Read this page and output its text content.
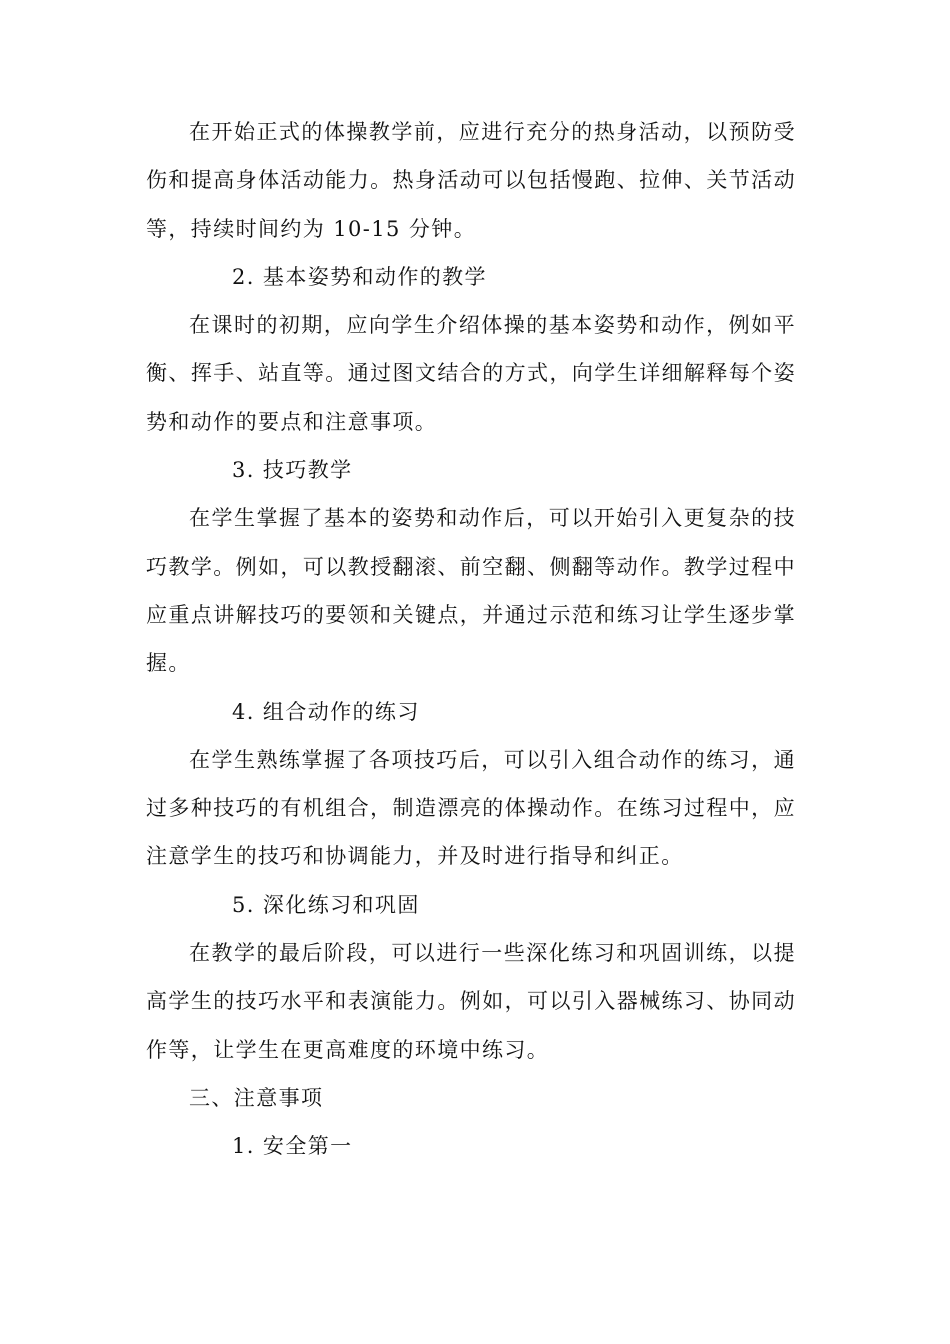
在开始正式的体操教学前，应进行充分的热身活动，以预防受伤和提高身体活动能力。热身活动可以包括慢跑、拉伸、关节活动等，持续时间约为 10-15 分钟。

2. 基本姿势和动作的教学

在课时的初期，应向学生介绍体操的基本姿势和动作，例如平衡、挥手、站直等。通过图文结合的方式，向学生详细解释每个姿势和动作的要点和注意事项。

3. 技巧教学

在学生掌握了基本的姿势和动作后，可以开始引入更复杂的技巧教学。例如，可以教授翻滚、前空翻、侧翻等动作。教学过程中应重点讲解技巧的要领和关键点，并通过示范和练习让学生逐步掌握。

4. 组合动作的练习

在学生熟练掌握了各项技巧后，可以引入组合动作的练习，通过多种技巧的有机组合，制造漂亮的体操动作。在练习过程中，应注意学生的技巧和协调能力，并及时进行指导和纠正。

5. 深化练习和巩固

在教学的最后阶段，可以进行一些深化练习和巩固训练，以提高学生的技巧水平和表演能力。例如，可以引入器械练习、协同动作等，让学生在更高难度的环境中练习。

三、注意事项

1. 安全第一
